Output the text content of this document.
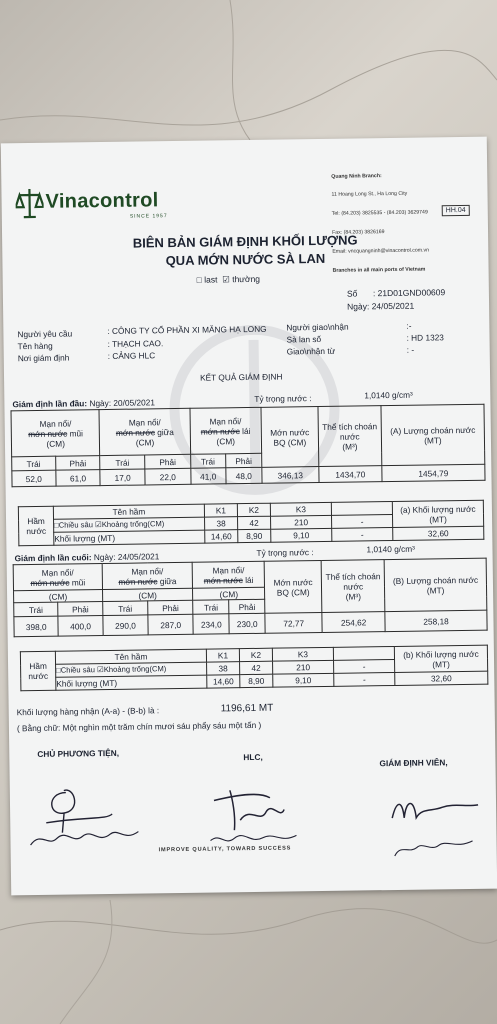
Vinacontrol
SINCE 1957

Quang Ninh Branch:

11 Hoang Long St., Ha Long City

Tel: (84.203) 3825535 - (84.203) 3629749

Fax: (84.203) 3826169

Email: vncquangninh@vinacontrol.com.vn

Branches in all main ports of Vietnam

HH.04
BIÊN BẢN GIÁM ĐỊNH KHỐI LƯỢNG
QUA MỚN NƯỚC SÀ LAN
□ last ☑ thường
Số : 21D01GND00609
Ngày: 24/05/2021
Người yêu cầu	: CÔNG TY CỔ PHẦN XI MĂNG HẠ LONG
Tên hàng	: THẠCH CAO.
Nơi giám định	: CẢNG HLC
Người giao\nhận	:-
Sà lan số	: HD 1323
Giao\nhận từ	: -
KẾT QUẢ GIÁM ĐỊNH
Giám định lần đầu: Ngày: 20/05/2021	Tỷ trọng nước :	1,0140 g/cm³
Mạn nổi/
mớn nước mũi
(CM)		Mạn nổi/
mớn nước giữa
(CM)		Mạn nổi/
mớn nước lái
(CM)		Mớn nước BQ (CM)	Thể tích choán nước
(M³)	(A) Lượng choán nước (MT)
Trái	Phải	Trái	Phải	Trái	Phải			
52,0	61,0	17,0	22,0	41,0	48,0	346,13	1434,70	1454,79
Hầm nước	Tên hầm	K1	K2	K3		(a) Khối lượng nước (MT)
	□Chiều sâu ☑Khoảng trống(CM)	38	42	210	-	
	Khối lượng (MT)	14,60	8,90	9,10	-	32,60
Giám định lần cuối: Ngày: 24/05/2021	Tỷ trọng nước :	1,0140 g/cm³
Mạn nổi/
mớn nước mũi		Mạn nổi/
mớn nước giữa		Mạn nổi/
mớn nước lái		Mớn nước BQ (CM)	Thể tích choán nước
(M³)	(B) Lượng choán nước (MT)
(CM)		(CM)		(CM)				
Trái	Phải	Trái	Phải	Trái	Phải			
398,0	400,0	290,0	287,0	234,0	230,0	72,77	254,62	258,18
Hầm nước	Tên hầm	K1	K2	K3		(b) Khối lượng nước (MT)
	□Chiều sâu ☑Khoảng trống(CM)	38	42	210	-	
	Khối lượng (MT)	14,60	8,90	9,10	-	32,60
Khối lượng hàng nhận (A-a) - (B-b) là :	1196,61 MT
( Bằng chữ: Một nghìn một trăm chín mươi sáu phẩy sáu một tấn )
CHỦ PHƯƠNG TIỆN,	HLC,
GIÁM ĐỊNH VIÊN,
IMPROVE QUALITY, TOWARD SUCCESS
